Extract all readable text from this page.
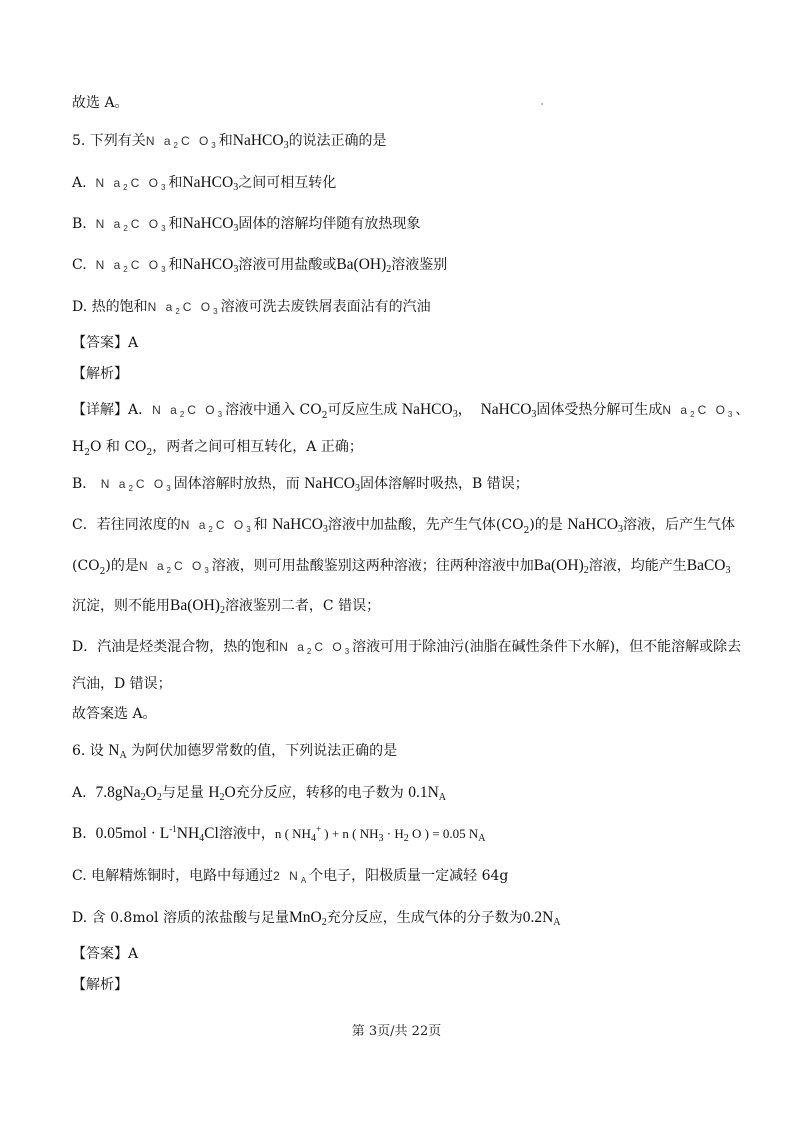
故选 A。
5. 下列有关N $a_2C$ $O_3$和NaHCO$_3$的说法正确的是
A. N $a_2C$ $O_3$和NaHCO$_3$之间可相互转化
B. N $a_2C$ $O_3$和NaHCO$_3$固体的溶解均伴随有放热现象
C. N $a_2C$ $O_3$和NaHCO$_3$溶液可用盐酸或$Ba(OH)_2$溶液鉴别
D. 热的饱和N $a_2C$ $O_3$溶液可洗去废铁屑表面沾有的汽油
【答案】A
【解析】
【详解】A．N $a_2C$ $O_3$溶液中通入 $CO_2$可反应生成 NaHCO$_3$， NaHCO$_3$固体受热分解可生成N $a_2C$ $O_3$、
$H_2O$ 和 $CO_2$，两者之间可相互转化，A 正确；
B． N $a_2C$ $O_3$固体溶解时放热，而 NaHCO$_3$固体溶解时吸热，B 错误；
C．若往同浓度的N $a_2C$ $O_3$和 NaHCO$_3$溶液中加盐酸，先产生气体$(CO_2)$的是 NaHCO$_3$溶液，后产生气体
$(CO_2)$的是N $a_2C$ $O_3$溶液，则可用盐酸鉴别这两种溶液；往两种溶液中加$Ba(OH)_2$溶液，均能产生BaCO$_3$
沉淀，则不能用$Ba(OH)_2$溶液鉴别二者，C 错误；
D．汽油是烃类混合物，热的饱和N $a_2C$ $O_3$溶液可用于除油污(油脂在碱性条件下水解)，但不能溶解或除去
汽油，D 错误；
故答案选 A。
6. 设 $N_A$ 为阿伏加德罗常数的值，下列说法正确的是
A. $7.8gNa_2O_2$与足量 $H_2O$充分反应，转移的电子数为 $0.1N_A$
B. $0.05mol \cdot L^{-1}NH_4Cl$溶液中，n ( $NH_4^+$ ) + n ( $NH_3 \cdot H_2$ O ) = 0.05 $N_A$
C. 电解精炼铜时，电路中每通过2 $N_A$个电子，阳极质量一定减轻 64g
D. 含 0.8mol 溶质的浓盐酸与足量MnO$_2$充分反应，生成气体的分子数为$0.2N_A$
【答案】A
【解析】
第 3页/共 22页
